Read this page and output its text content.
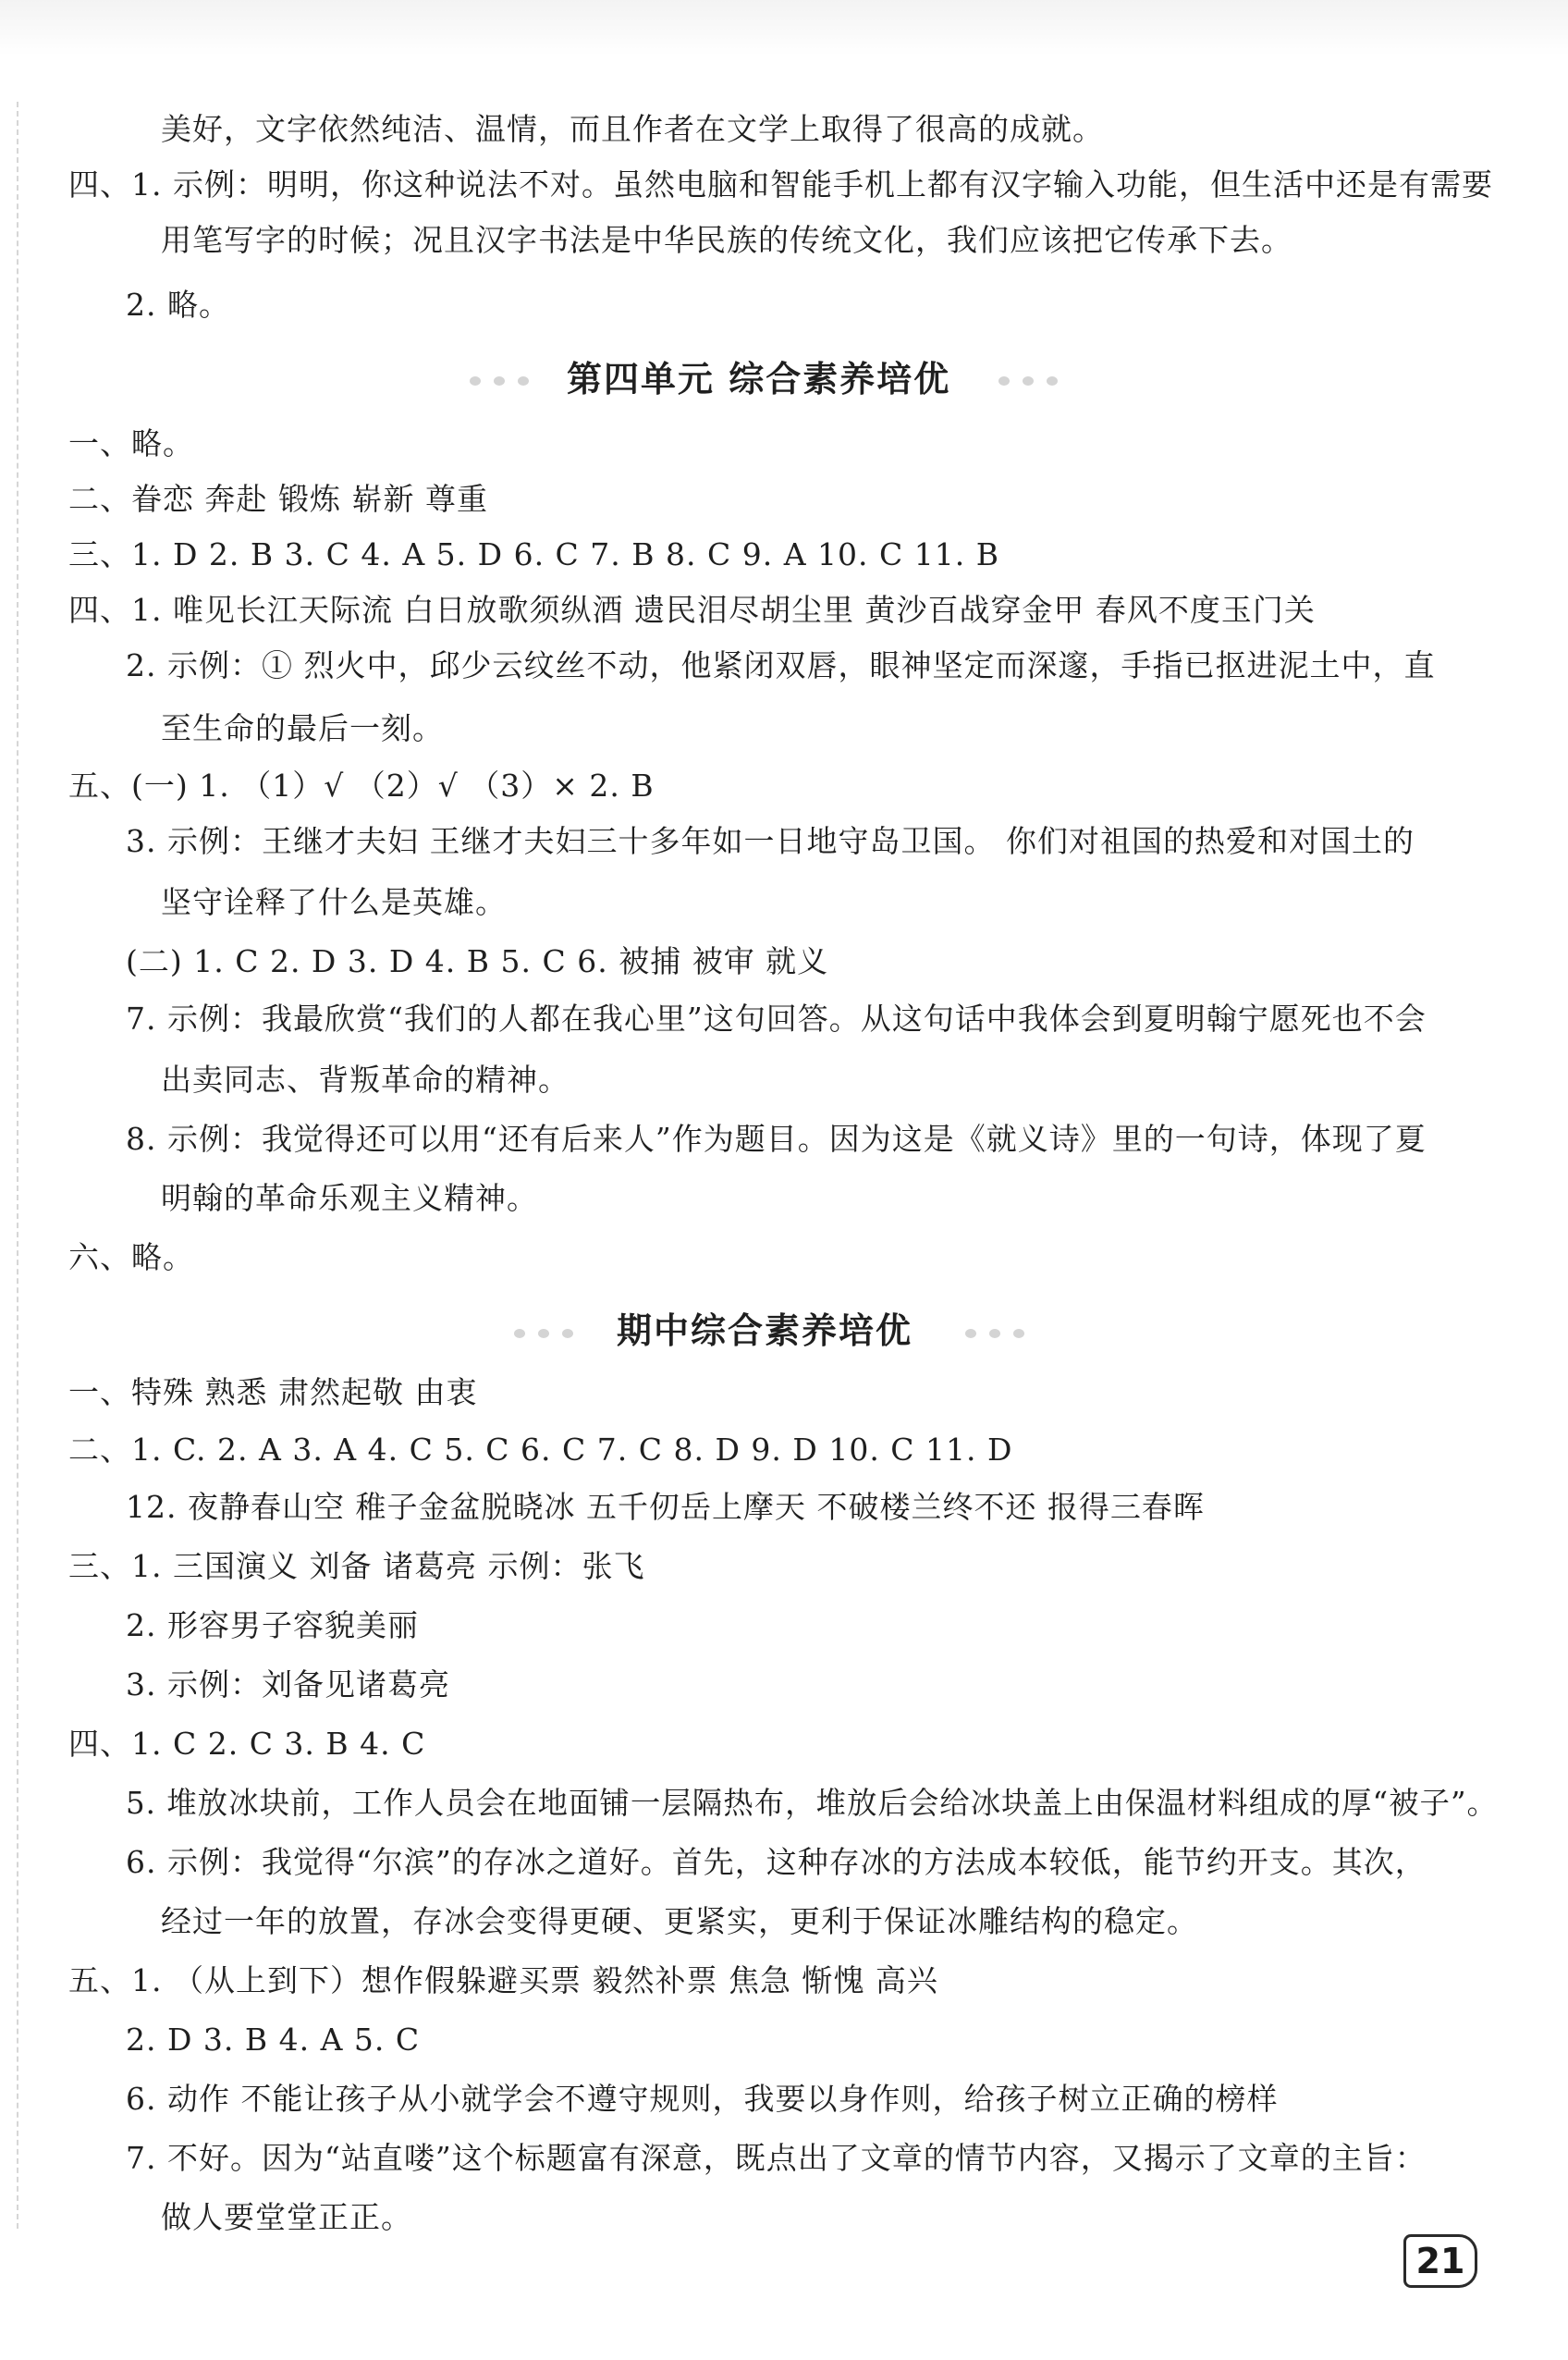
美好，文字依然纯洁、温情，而且作者在文学上取得了很高的成就。
四、1. 示例：明明，你这种说法不对。虽然电脑和智能手机上都有汉字输入功能，但生活中还是有需要
用笔写字的时候；况且汉字书法是中华民族的传统文化，我们应该把它传承下去。
2. 略。
第四单元 综合素养培优
一、略。
二、眷恋 奔赴 锻炼 崭新 尊重
三、1. D 2. B 3. C 4. A 5. D 6. C 7. B 8. C 9. A 10. C 11. B
四、1. 唯见长江天际流 白日放歌须纵酒 遗民泪尽胡尘里 黄沙百战穿金甲 春风不度玉门关
2. 示例：① 烈火中，邱少云纹丝不动，他紧闭双唇，眼神坚定而深邃，手指已抠进泥土中，直
至生命的最后一刻。
五、(一) 1. （1）√ （2）√ （3）× 2. B
3. 示例：王继才夫妇 王继才夫妇三十多年如一日地守岛卫国。 你们对祖国的热爱和对国土的
坚守诠释了什么是英雄。
(二) 1. C 2. D 3. D 4. B 5. C 6. 被捕 被审 就义
7. 示例：我最欣赏“我们的人都在我心里”这句回答。从这句话中我体会到夏明翰宁愿死也不会
出卖同志、背叛革命的精神。
8. 示例：我觉得还可以用“还有后来人”作为题目。因为这是《就义诗》里的一句诗，体现了夏
明翰的革命乐观主义精神。
六、略。
期中综合素养培优
一、特殊 熟悉 肃然起敬 由衷
二、1. C. 2. A 3. A 4. C 5. C 6. C 7. C 8. D 9. D 10. C 11. D
12. 夜静春山空 稚子金盆脱晓冰 五千仞岳上摩天 不破楼兰终不还 报得三春晖
三、1. 三国演义 刘备 诸葛亮 示例：张飞
2. 形容男子容貌美丽
3. 示例：刘备见诸葛亮
四、1. C 2. C 3. B 4. C
5. 堆放冰块前，工作人员会在地面铺一层隔热布，堆放后会给冰块盖上由保温材料组成的厚“被子”。
6. 示例：我觉得“尔滨”的存冰之道好。首先，这种存冰的方法成本较低，能节约开支。其次，
经过一年的放置，存冰会变得更硬、更紧实，更利于保证冰雕结构的稳定。
五、1. （从上到下）想作假躲避买票 毅然补票 焦急 惭愧 高兴
2. D 3. B 4. A 5. C
6. 动作 不能让孩子从小就学会不遵守规则，我要以身作则，给孩子树立正确的榜样
7. 不好。因为“站直喽”这个标题富有深意，既点出了文章的情节内容，又揭示了文章的主旨：
做人要堂堂正正。
21
